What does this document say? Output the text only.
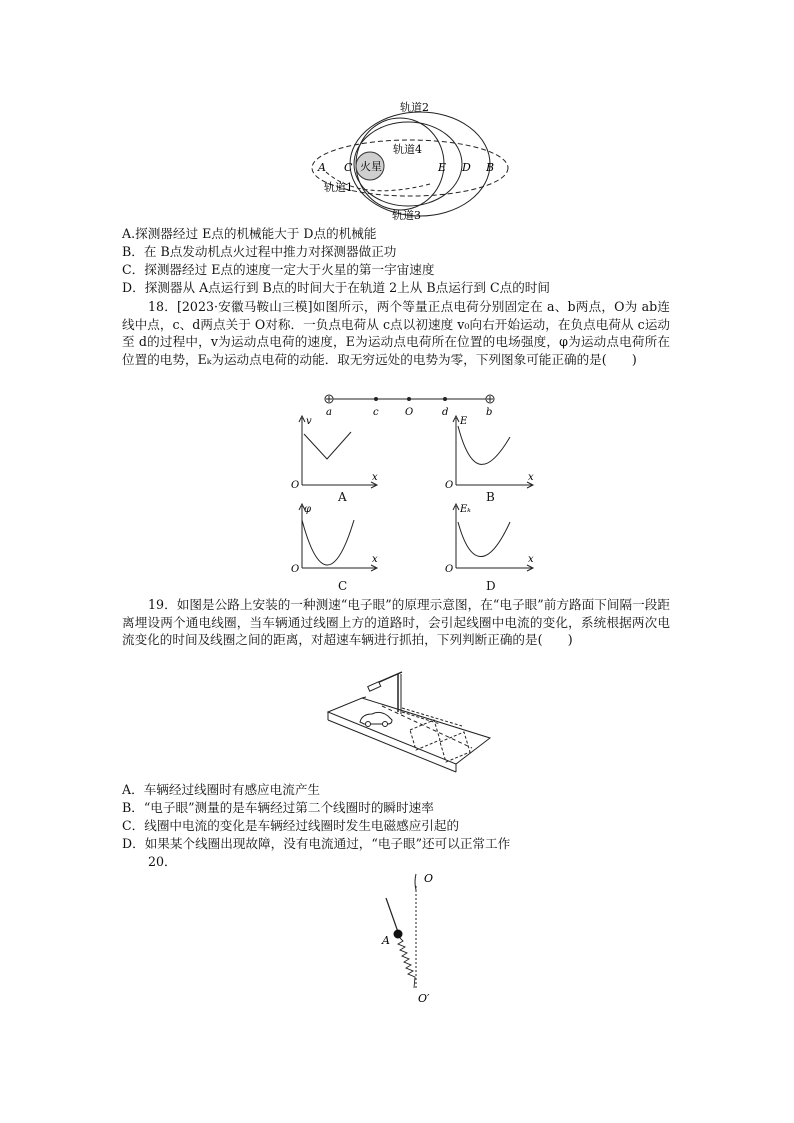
火星
轨道2
轨道4
轨道1
轨道3
A C	E D B
A.探测器经过 E点的机械能大于 D点的机械能
B．在 B点发动机点火过程中推力对探测器做正功
C．探测器经过 E点的速度一定大于火星的第一宇宙速度
D．探测器从 A点运行到 B点的时间大于在轨道 2上从 B点运行到 C点的时间
18．[2023·安徽马鞍山三模]如图所示，两个等量正点电荷分别固定在 a、b两点，O为 ab连线中点，c、d两点关于 O对称．一负点电荷从 c点以初速度 v₀向右开始运动，在负点电荷从 c运动至 d的过程中，v为运动点电荷的速度，E为运动点电荷所在位置的电场强度，φ为运动点电荷所在位置的电势，Eₖ为运动点电荷的动能．取无穷远处的电势为零，下列图象可能正确的是(　　)
a	c	O	d	b
v
x
O
A
E
x
O
B
φ
x
O
C
Eₖ
x
O
D
19．如图是公路上安装的一种测速“电子眼”的原理示意图，在“电子眼”前方路面下间隔一段距离埋设两个通电线圈，当车辆通过线圈上方的道路时，会引起线圈中电流的变化，系统根据两次电流变化的时间及线圈之间的距离，对超速车辆进行抓拍，下列判断正确的是(　　)
A．车辆经过线圈时有感应电流产生
B．“电子眼”测量的是车辆经过第二个线圈时的瞬时速率
C．线圈中电流的变化是车辆经过线圈时发生电磁感应引起的
D．如果某个线圈出现故障，没有电流通过，“电子眼”还可以正常工作
20．
O
A
O′
